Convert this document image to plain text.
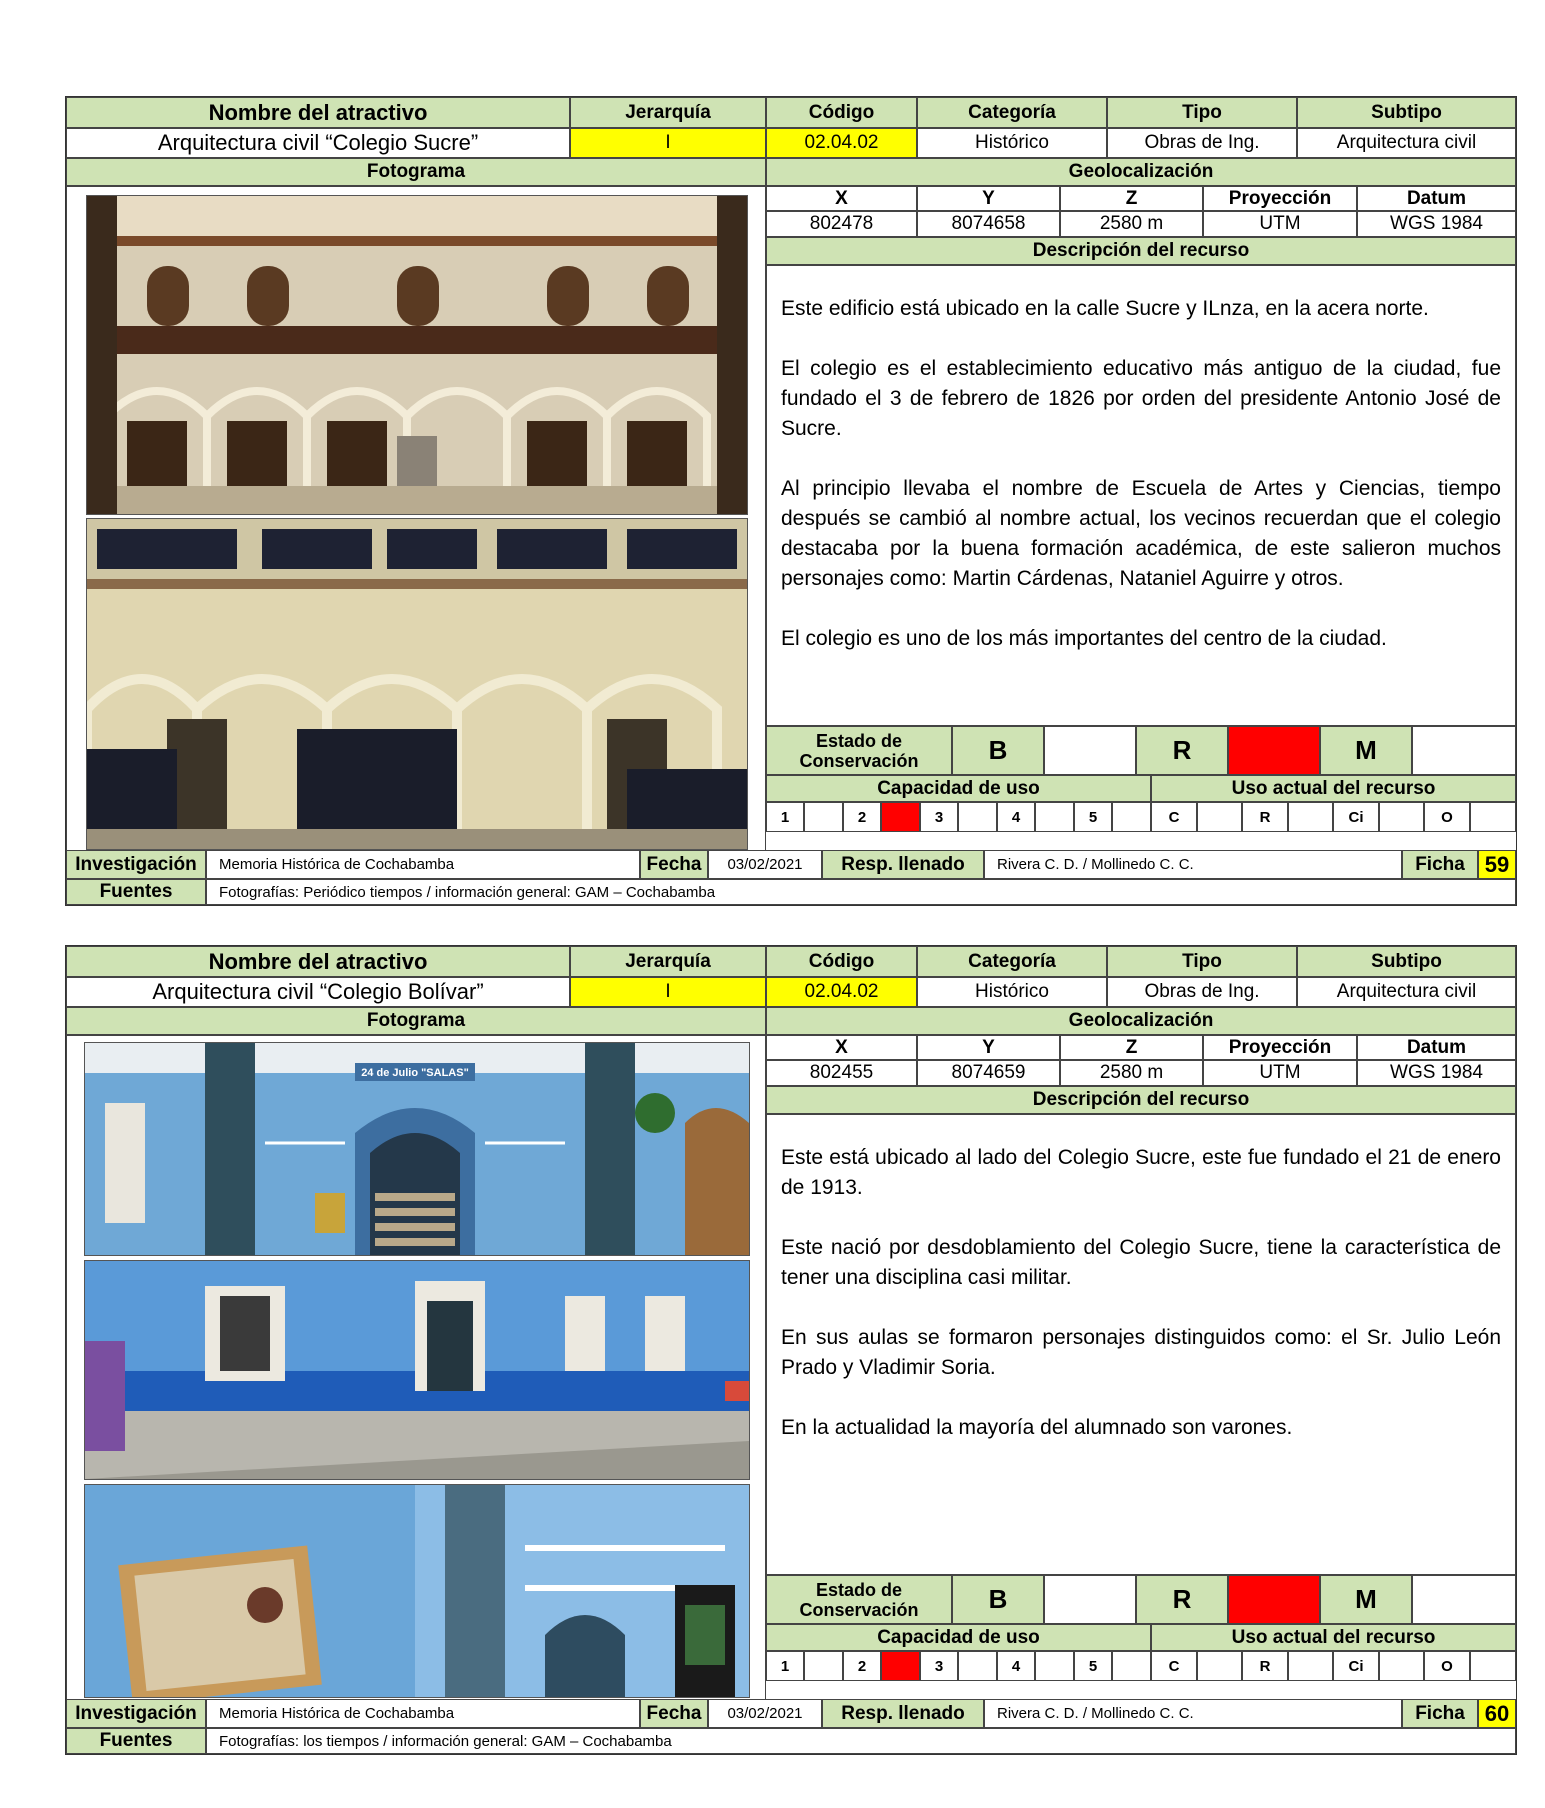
Nombre del atractivo	Jerarquía	Código	Categoría	Tipo	Subtipo
Arquitectura civil “Colegio Sucre”	I	02.04.02	Histórico	Obras de Ing.	Arquitectura civil
Fotograma	Geolocalización
X	Y	Z	Proyección	Datum
802478	8074658	2580 m	UTM	WGS 1984
Descripción del recurso

Este edificio está ubicado en la calle Sucre y ILnza, en la acera norte.

El colegio es el establecimiento educativo más antiguo de la ciudad, fue fundado el 3 de febrero de 1826 por orden del presidente Antonio José de Sucre.

Al principio llevaba el nombre de Escuela de Artes y Ciencias, tiempo después se cambió al nombre actual, los vecinos recuerdan que el colegio destacaba por la buena formación académica, de este salieron muchos personajes como: Martin Cárdenas, Nataniel Aguirre y otros.

El colegio es uno de los más importantes del centro de la ciudad.

Estado de Conservación	B	R	M
Capacidad de uso	Uso actual del recurso
1	2	3	4	5	C	R	Ci	O
Investigación	Memoria Histórica de Cochabamba	Fecha	03/02/2021	Resp. llenado	Rivera C. D. / Mollinedo C. C.	Ficha 59
Fuentes	Fotografías: Periódico tiempos / información general: GAM – Cochabamba
Nombre del atractivo	Jerarquía	Código	Categoría	Tipo	Subtipo
Arquitectura civil “Colegio Bolívar”	I	02.04.02	Histórico	Obras de Ing.	Arquitectura civil
Fotograma	Geolocalización
24 de Julio "SALAS"
X	Y	Z	Proyección	Datum
802455	8074659	2580 m	UTM	WGS 1984
Descripción del recurso

Este está ubicado al lado del Colegio Sucre, este fue fundado el 21 de enero de 1913.

Este nació por desdoblamiento del Colegio Sucre, tiene la característica de tener una disciplina casi militar.

En sus aulas se formaron personajes distinguidos como: el Sr. Julio León Prado y Vladimir Soria.

En la actualidad la mayoría del alumnado son varones.

Estado de Conservación	B	R	M
Capacidad de uso	Uso actual del recurso
1	2	3	4	5	C	R	Ci	O
Investigación	Memoria Histórica de Cochabamba	Fecha	03/02/2021	Resp. llenado	Rivera C. D. / Mollinedo C. C.	Ficha 60
Fuentes	Fotografías: los tiempos / información general: GAM – Cochabamba
